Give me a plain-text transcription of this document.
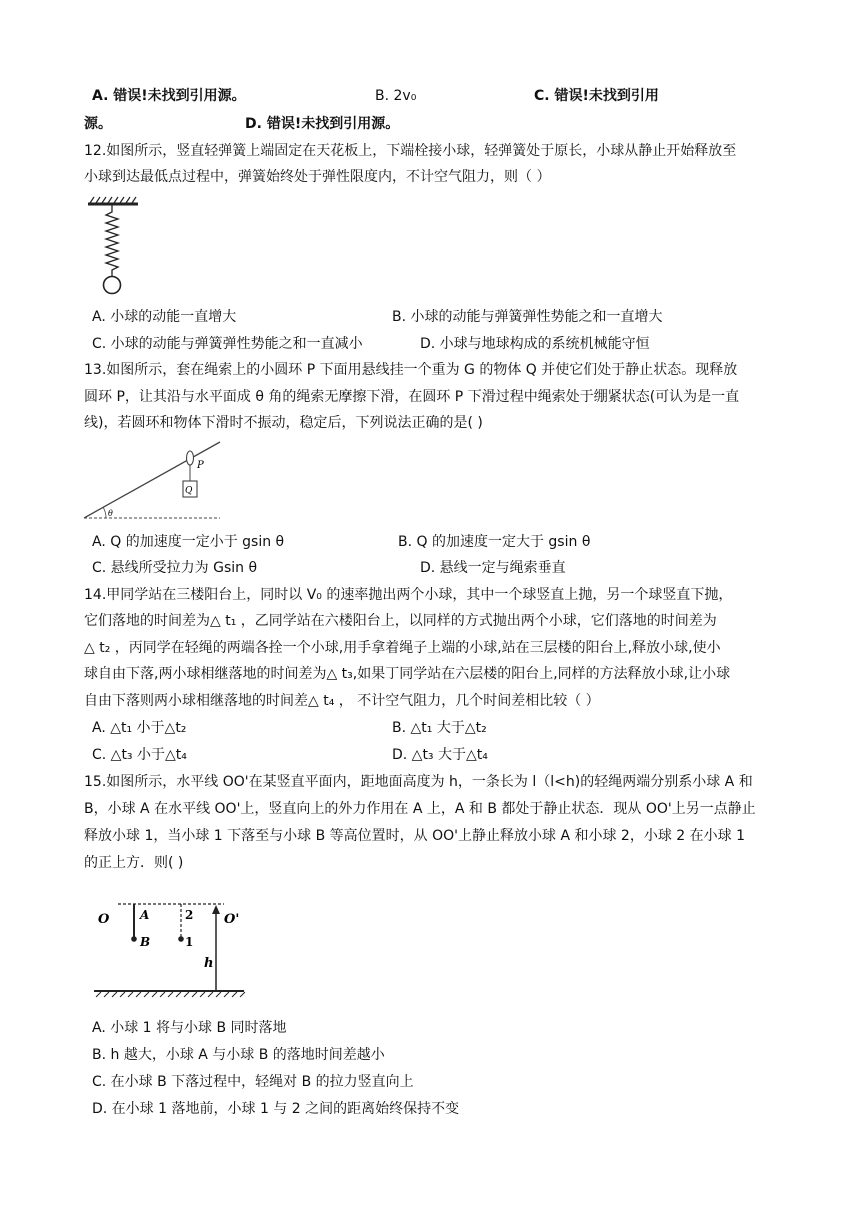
A. 错误!未找到引用源。	B. 2v₀	C. 错误!未找到引用
源。	D. 错误!未找到引用源。
12.如图所示，竖直轻弹簧上端固定在天花板上，下端栓接小球，轻弹簧处于原长，小球从静止开始释放至
小球到达最低点过程中，弹簧始终处于弹性限度内，不计空气阻力，则（ ）
A. 小球的动能一直增大	B. 小球的动能与弹簧弹性势能之和一直增大
C. 小球的动能与弹簧弹性势能之和一直减小	D. 小球与地球构成的系统机械能守恒
13.如图所示，套在绳索上的小圆环 P 下面用悬线挂一个重为 G 的物体 Q 并使它们处于静止状态。现释放
圆环 P，让其沿与水平面成 θ 角的绳索无摩擦下滑，在圆环 P 下滑过程中绳索处于绷紧状态(可认为是一直
线)，若圆环和物体下滑时不振动，稳定后，下列说法正确的是( )
θ
P
Q
A. Q 的加速度一定小于 gsin θ	B. Q 的加速度一定大于 gsin θ
C. 悬线所受拉力为 Gsin θ	D. 悬线一定与绳索垂直
14.甲同学站在三楼阳台上，同时以 V₀ 的速率抛出两个小球，其中一个球竖直上抛，另一个球竖直下抛，
它们落地的时间差为△ t₁ ，乙同学站在六楼阳台上，以同样的方式抛出两个小球，它们落地的时间差为
△ t₂ ，丙同学在轻绳的两端各拴一个小球,用手拿着绳子上端的小球,站在三层楼的阳台上,释放小球,使小
球自由下落,两小球相继落地的时间差为△ t₃,如果丁同学站在六层楼的阳台上,同样的方法释放小球,让小球
自由下落则两小球相继落地的时间差△ t₄ ， 不计空气阻力，几个时间差相比较（ ）
A. △t₁ 小于△t₂	B. △t₁ 大于△t₂
C. △t₃ 小于△t₄	D. △t₃ 大于△t₄
15.如图所示，水平线 OO'在某竖直平面内，距地面高度为 h，一条长为 l（l<h)的轻绳两端分别系小球 A 和
B，小球 A 在水平线 OO'上，竖直向上的外力作用在 A 上，A 和 B 都处于静止状态．现从 OO'上另一点静止
释放小球 1，当小球 1 下落至与小球 B 等高位置时，从 OO'上静止释放小球 A 和小球 2，小球 2 在小球 1
的正上方．则( )
O	O'
A
B
2
1
h
A. 小球 1 将与小球 B 同时落地
B. h 越大，小球 A 与小球 B 的落地时间差越小
C. 在小球 B 下落过程中，轻绳对 B 的拉力竖直向上
D. 在小球 1 落地前，小球 1 与 2 之间的距离始终保持不变
